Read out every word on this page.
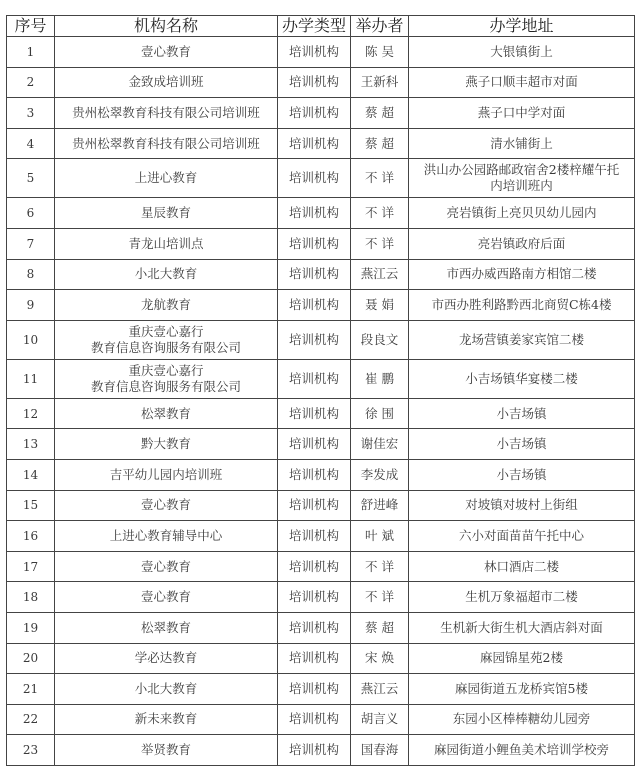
序号	机构名称	办学类型	举办者	办学地址
1	壹心教育	培训机构	陈 吴	大银镇街上
2	金致成培训班	培训机构	王新科	燕子口顺丰超市对面
3	贵州松翠教育科技有限公司培训班	培训机构	蔡 超	燕子口中学对面
4	贵州松翠教育科技有限公司培训班	培训机构	蔡 超	清水铺街上
5	上进心教育	培训机构	不 详	洪山办公园路邮政宿舍2楼梓耀午托
内培训班内
6	星辰教育	培训机构	不 详	亮岩镇街上亮贝贝幼儿园内
7	青龙山培训点	培训机构	不 详	亮岩镇政府后面
8	小北大教育	培训机构	燕江云	市西办威西路南方相馆二楼
9	龙航教育	培训机构	聂 娟	市西办胜利路黔西北商贸C栋4楼
10	重庆壹心嘉行
教育信息咨询服务有限公司	培训机构	段良文	龙场营镇姜家宾馆二楼
11	重庆壹心嘉行
教育信息咨询服务有限公司	培训机构	崔 鹏	小吉场镇华宴楼二楼
12	松翠教育	培训机构	徐 围	小吉场镇
13	黔大教育	培训机构	谢佳宏	小吉场镇
14	吉平幼儿园内培训班	培训机构	李发成	小吉场镇
15	壹心教育	培训机构	舒进峰	对坡镇对坡村上街组
16	上进心教育辅导中心	培训机构	叶 斌	六小对面苗苗午托中心
17	壹心教育	培训机构	不 详	林口酒店二楼
18	壹心教育	培训机构	不 详	生机万象福超市二楼
19	松翠教育	培训机构	蔡 超	生机新大街生机大酒店斜对面
20	学必达教育	培训机构	宋 焕	麻园锦星苑2楼
21	小北大教育	培训机构	燕江云	麻园街道五龙桥宾馆5楼
22	新未来教育	培训机构	胡言义	东园小区棒棒糖幼儿园旁
23	举贤教育	培训机构	国春海	麻园街道小鲤鱼美术培训学校旁
